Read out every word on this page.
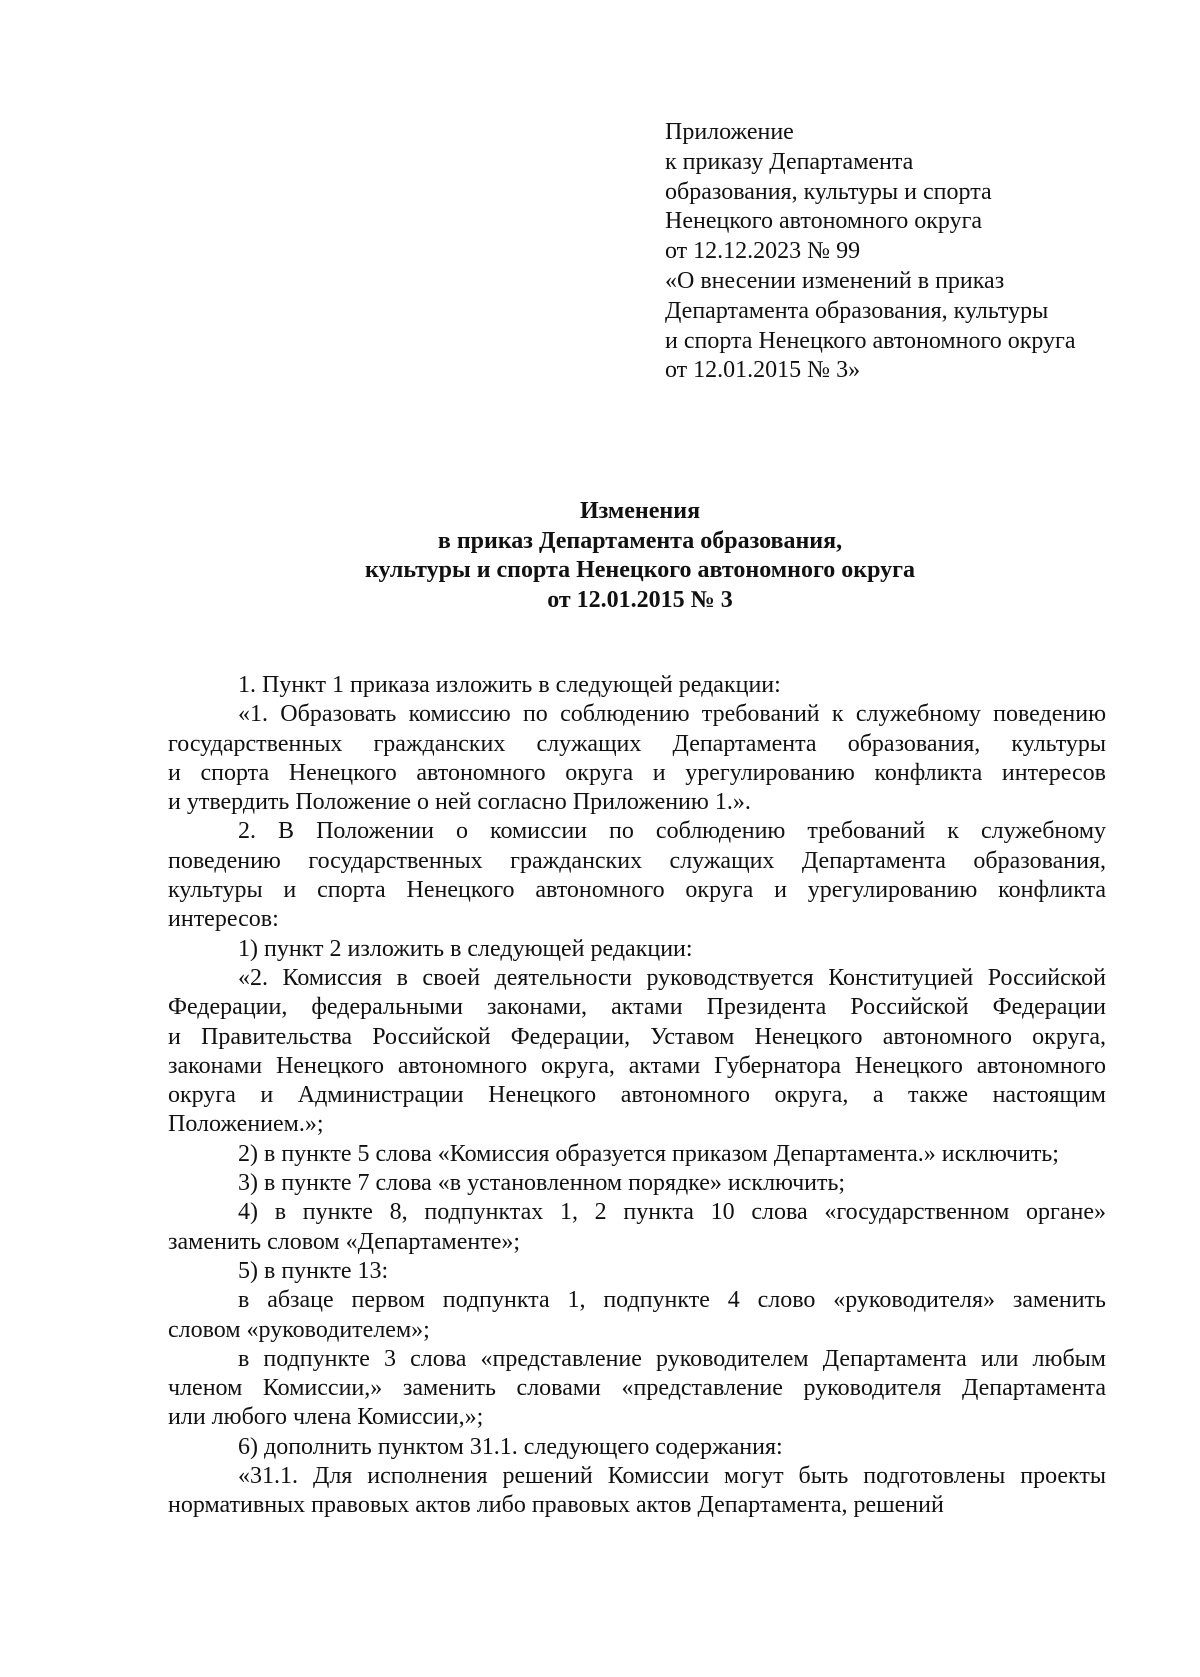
Приложение
к приказу Департамента
образования, культуры и спорта
Ненецкого автономного округа
от 12.12.2023 № 99
«О внесении изменений в приказ
Департамента образования, культуры
и спорта Ненецкого автономного округа
от 12.01.2015 № 3»
Изменения
в приказ Департамента образования,
культуры и спорта Ненецкого автономного округа
от 12.01.2015 № 3
1. Пункт 1 приказа изложить в следующей редакции:
«1. Образовать комиссию по соблюдению требований к служебному поведению
государственных гражданских служащих Департамента образования, культуры
и спорта Ненецкого автономного округа и урегулированию конфликта интересов
и утвердить Положение о ней согласно Приложению 1.».
2. В Положении о комиссии по соблюдению требований к служебному
поведению государственных гражданских служащих Департамента образования,
культуры и спорта Ненецкого автономного округа и урегулированию конфликта
интересов:
1) пункт 2 изложить в следующей редакции:
«2. Комиссия в своей деятельности руководствуется Конституцией Российской
Федерации, федеральными законами, актами Президента Российской Федерации
и Правительства Российской Федерации, Уставом Ненецкого автономного округа,
законами Ненецкого автономного округа, актами Губернатора Ненецкого автономного
округа и Администрации Ненецкого автономного округа, а также настоящим
Положением.»;
2) в пункте 5 слова «Комиссия образуется приказом Департамента.» исключить;
3) в пункте 7 слова «в установленном порядке» исключить;
4) в пункте 8, подпунктах 1, 2 пункта 10 слова «государственном органе»
заменить словом «Департаменте»;
5) в пункте 13:
в абзаце первом подпункта 1, подпункте 4 слово «руководителя» заменить
словом «руководителем»;
в подпункте 3 слова «представление руководителем Департамента или любым
членом Комиссии,» заменить словами «представление руководителя Департамента
или любого члена Комиссии,»;
6) дополнить пунктом 31.1. следующего содержания:
«31.1. Для исполнения решений Комиссии могут быть подготовлены проекты
нормативных правовых актов либо правовых актов Департамента, решений
